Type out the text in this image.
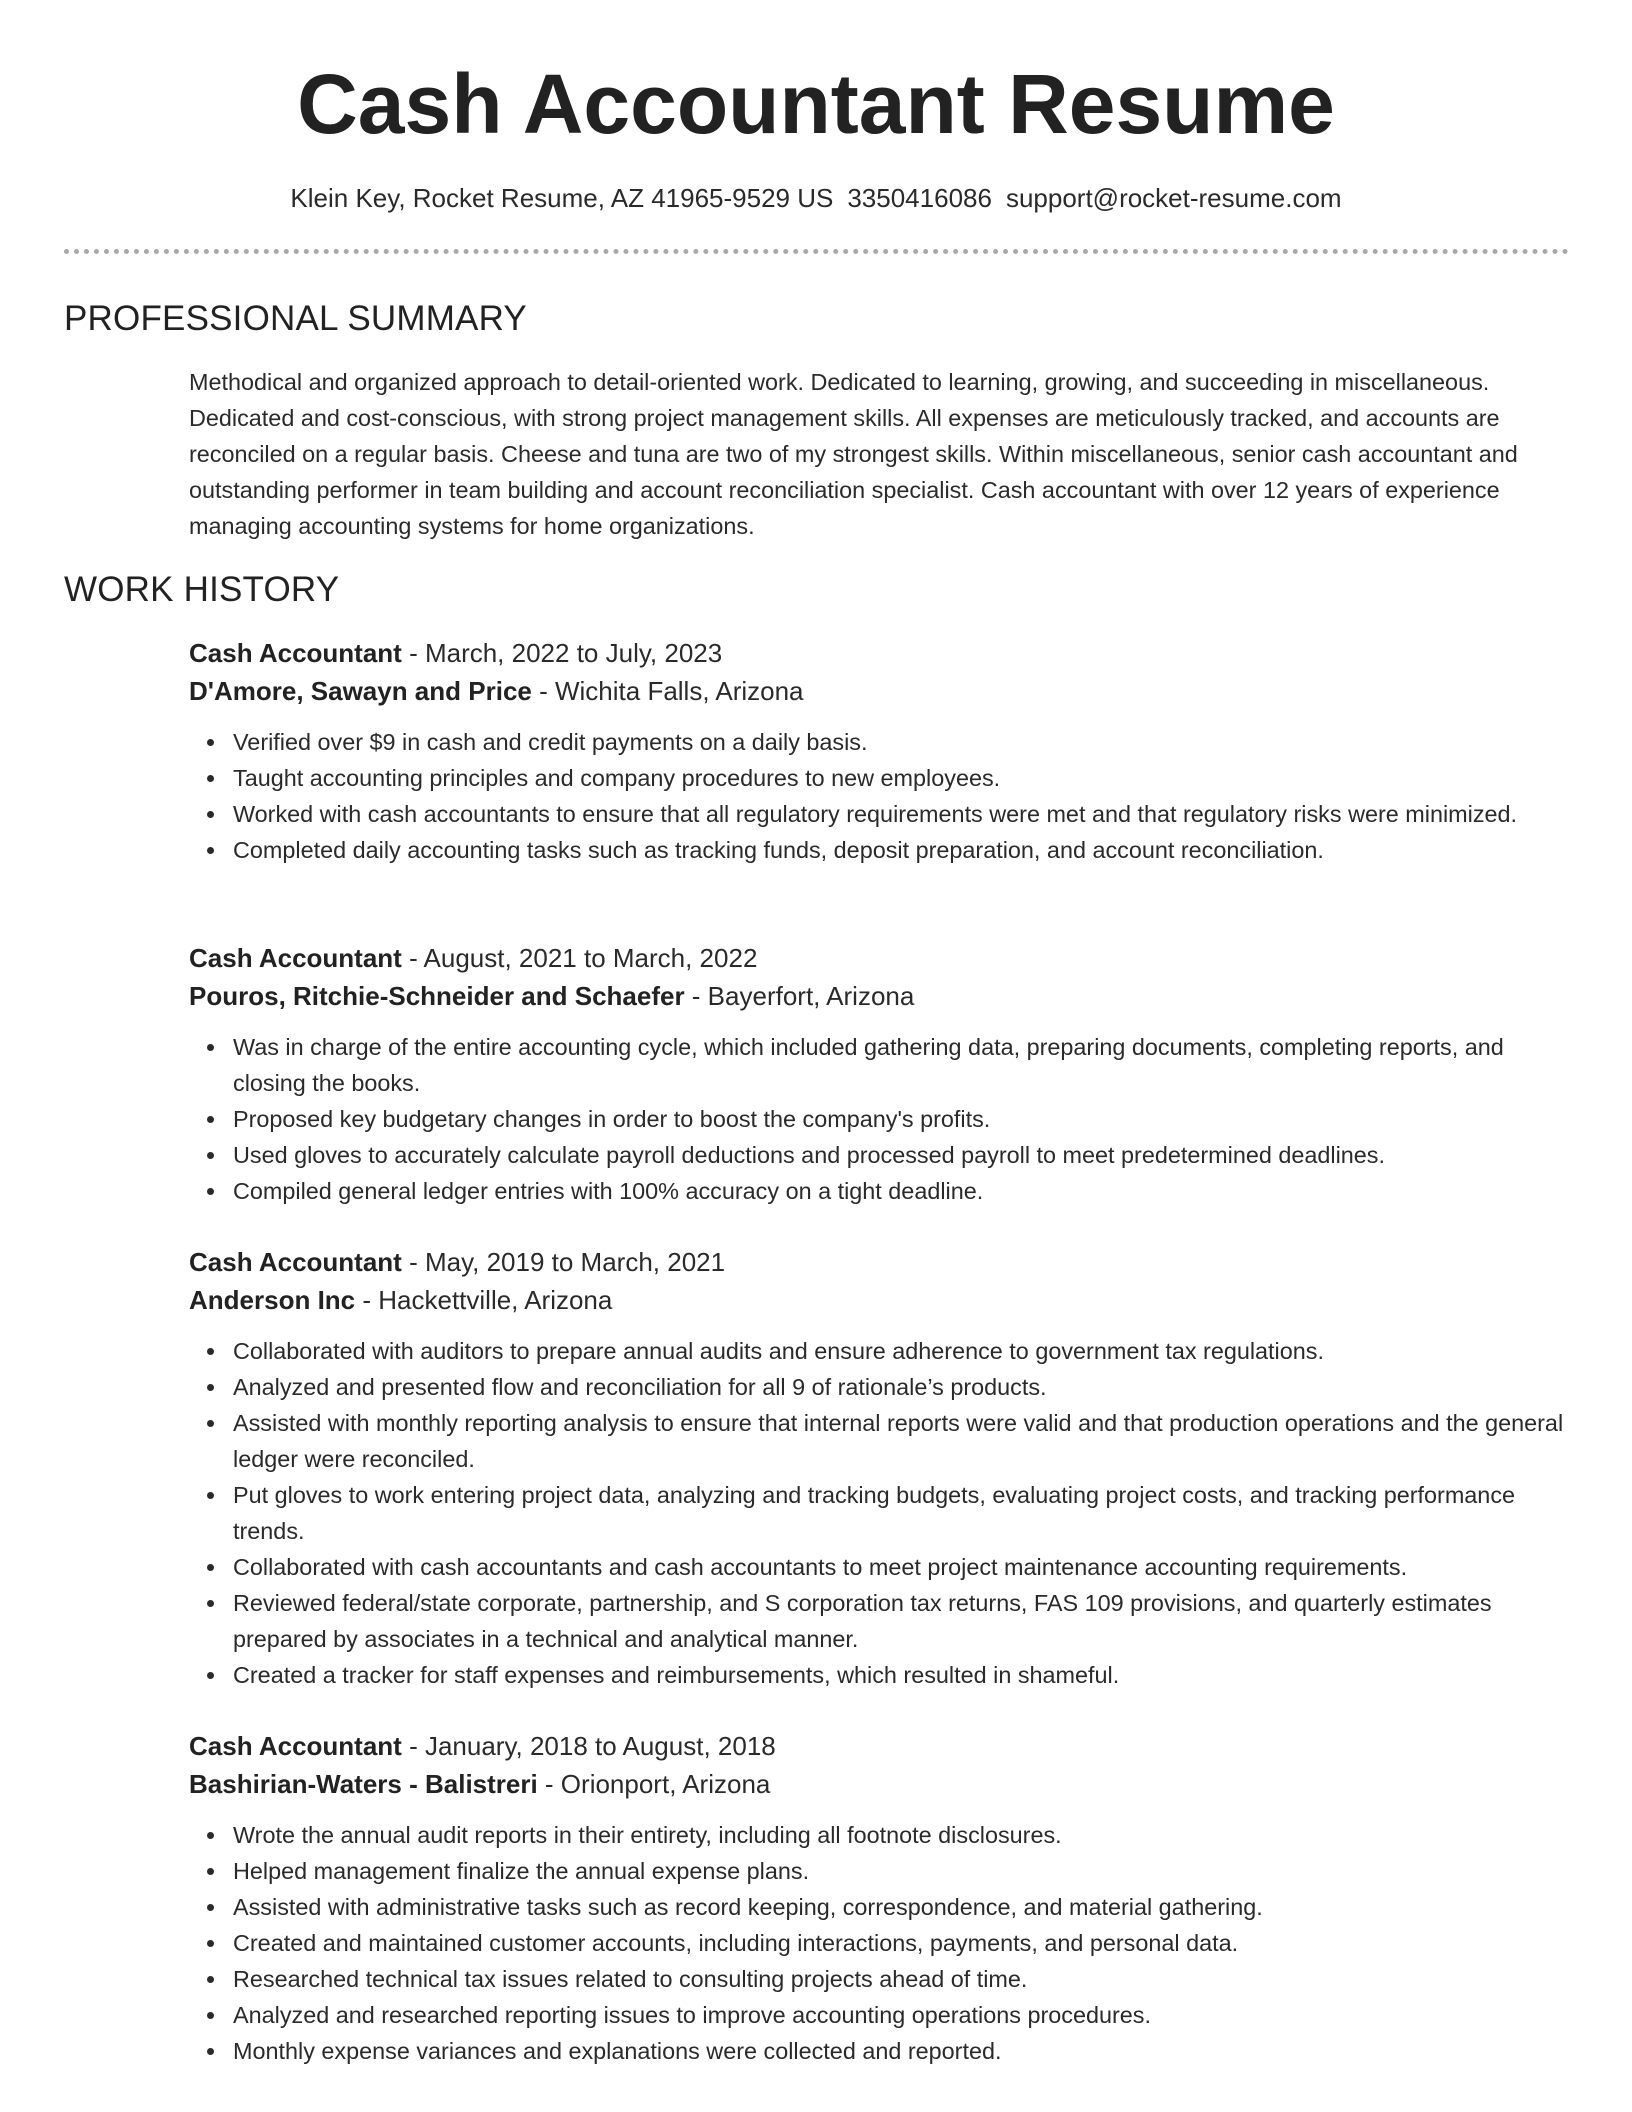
Cash Accountant Resume
Klein Key, Rocket Resume, AZ 41965-9529 US 3350416086 support@rocket-resume.com
PROFESSIONAL SUMMARY

Methodical and organized approach to detail-oriented work. Dedicated to learning, growing, and succeeding in miscellaneous. Dedicated and cost-conscious, with strong project management skills. All expenses are meticulously tracked, and accounts are reconciled on a regular basis. Cheese and tuna are two of my strongest skills. Within miscellaneous, senior cash accountant and outstanding performer in team building and account reconciliation specialist. Cash accountant with over 12 years of experience managing accounting systems for home organizations.

WORK HISTORY
Cash Accountant - March, 2022 to July, 2023
D'Amore, Sawayn and Price - Wichita Falls, Arizona
Verified over $9 in cash and credit payments on a daily basis.
Taught accounting principles and company procedures to new employees.
Worked with cash accountants to ensure that all regulatory requirements were met and that regulatory risks were minimized.
Completed daily accounting tasks such as tracking funds, deposit preparation, and account reconciliation.
Cash Accountant - August, 2021 to March, 2022
Pouros, Ritchie-Schneider and Schaefer - Bayerfort, Arizona
Was in charge of the entire accounting cycle, which included gathering data, preparing documents, completing reports, and closing the books.
Proposed key budgetary changes in order to boost the company's profits.
Used gloves to accurately calculate payroll deductions and processed payroll to meet predetermined deadlines.
Compiled general ledger entries with 100% accuracy on a tight deadline.
Cash Accountant - May, 2019 to March, 2021
Anderson Inc - Hackettville, Arizona
Collaborated with auditors to prepare annual audits and ensure adherence to government tax regulations.
Analyzed and presented flow and reconciliation for all 9 of rationale’s products.
Assisted with monthly reporting analysis to ensure that internal reports were valid and that production operations and the general ledger were reconciled.
Put gloves to work entering project data, analyzing and tracking budgets, evaluating project costs, and tracking performance trends.
Collaborated with cash accountants and cash accountants to meet project maintenance accounting requirements.
Reviewed federal/state corporate, partnership, and S corporation tax returns, FAS 109 provisions, and quarterly estimates prepared by associates in a technical and analytical manner.
Created a tracker for staff expenses and reimbursements, which resulted in shameful.
Cash Accountant - January, 2018 to August, 2018
Bashirian-Waters - Balistreri - Orionport, Arizona
Wrote the annual audit reports in their entirety, including all footnote disclosures.
Helped management finalize the annual expense plans.
Assisted with administrative tasks such as record keeping, correspondence, and material gathering.
Created and maintained customer accounts, including interactions, payments, and personal data.
Researched technical tax issues related to consulting projects ahead of time.
Analyzed and researched reporting issues to improve accounting operations procedures.
Monthly expense variances and explanations were collected and reported.
